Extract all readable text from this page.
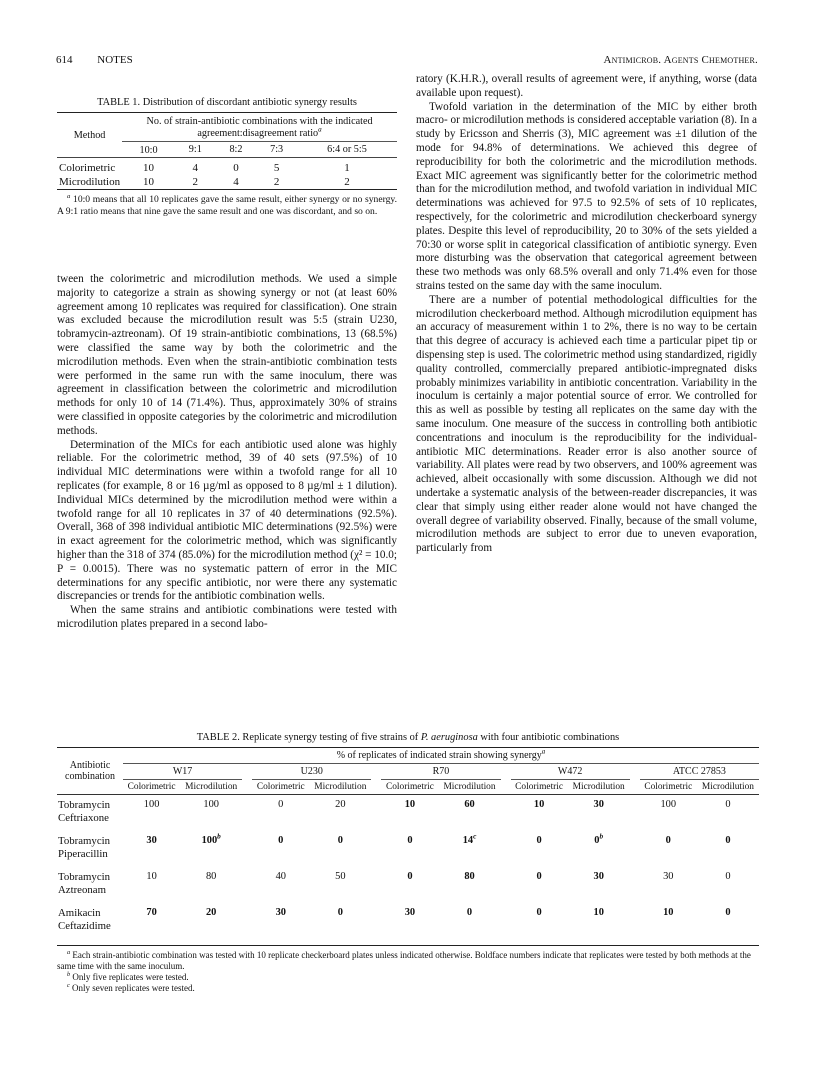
614 NOTES	Antimicrob. Agents Chemother.
TABLE 1. Distribution of discordant antibiotic synergy results
Method	No. of strain-antibiotic combinations with the indicated agreement:disagreement ratio$^a$
	10:0	9:1	8:2	7:3	6:4 or 5:5
Colorimetric	10	4	0	5	1
Microdilution	10	2	4	2	2
$^a$ 10:0 means that all 10 replicates gave the same result, either synergy or no synergy. A 9:1 ratio means that nine gave the same result and one was discordant, and so on.

tween the colorimetric and microdilution methods. We used a simple majority to categorize a strain as showing synergy or not (at least 60% agreement among 10 replicates was required for classification). One strain was excluded because the microdilution result was 5:5 (strain U230, tobramycin-aztreonam). Of 19 strain-antibiotic combinations, 13 (68.5%) were classified the same way by both the colorimetric and the microdilution methods. Even when the strain-antibiotic combination tests were performed in the same run with the same inoculum, there was agreement in classification between the colorimetric and microdilution methods for only 10 of 14 (71.4%). Thus, approximately 30% of strains were classified in opposite categories by the colorimetric and microdilution methods.

Determination of the MICs for each antibiotic used alone was highly reliable. For the colorimetric method, 39 of 40 sets (97.5%) of 10 individual MIC determinations were within a twofold range for all 10 replicates (for example, 8 or 16 µg/ml as opposed to 8 µg/ml ± 1 dilution). Individual MICs determined by the microdilution method were within a twofold range for all 10 replicates in 37 of 40 determinations (92.5%). Overall, 368 of 398 individual antibiotic MIC determinations (92.5%) were in exact agreement for the colorimetric method, which was significantly higher than the 318 of 374 (85.0%) for the microdilution method (χ² = 10.0; P = 0.0015). There was no systematic pattern of error in the MIC determinations for any specific antibiotic, nor were there any systematic discrepancies or trends for the antibiotic combination wells.

When the same strains and antibiotic combinations were tested with microdilution plates prepared in a second labo-

ratory (K.H.R.), overall results of agreement were, if anything, worse (data available upon request).

Twofold variation in the determination of the MIC by either broth macro- or microdilution methods is considered acceptable variation (8). In a study by Ericsson and Sherris (3), MIC agreement was ±1 dilution of the mode for 94.8% of determinations. We achieved this degree of reproducibility for both the colorimetric and the microdilution methods. Exact MIC agreement was significantly better for the colorimetric method than for the microdilution method, and twofold variation in individual MIC determinations was achieved for 97.5 to 92.5% of sets of 10 replicates, respectively, for the colorimetric and microdilution checkerboard synergy plates. Despite this level of reproducibility, 20 to 30% of the sets yielded a 70:30 or worse split in categorical classification of antibiotic synergy. Even more disturbing was the observation that categorical agreement between these two methods was only 68.5% overall and only 71.4% even for those strains tested on the same day with the same inoculum.

There are a number of potential methodological difficulties for the microdilution checkerboard method. Although microdilution equipment has an accuracy of measurement within 1 to 2%, there is no way to be certain that this degree of accuracy is achieved each time a particular pipet tip or dispensing step is used. The colorimetric method using standardized, rigidly quality controlled, commercially prepared antibiotic-impregnated disks probably minimizes variability in antibiotic concentration. Variability in the inoculum is certainly a major potential source of error. We controlled for this as well as possible by testing all replicates on the same day with the same inoculum. One measure of the success in controlling both antibiotic concentrations and inoculum is the reproducibility for the individual-antibiotic MIC determinations. Reader error is also another source of variability. All plates were read by two observers, and 100% agreement was achieved, albeit occasionally with some discussion. Although we did not undertake a systematic analysis of the between-reader discrepancies, it was clear that simply using either reader alone would not have changed the overall degree of variability observed. Finally, because of the small volume, microdilution methods are subject to error due to uneven evaporation, particularly from

TABLE 2. Replicate synergy testing of five strains of P. aeruginosa with four antibiotic combinations
Antibiotic combination	% of replicates of indicated strain showing synergy$^a$
	W17			U230			R70			W472			ATCC 27853	
	Colorimetric	Microdilution		Colorimetric	Microdilution		Colorimetric	Microdilution		Colorimetric	Microdilution		Colorimetric	Microdilution

Tobramycin
Ceftriaxone	100	100		0	20		10	60		10	30		100	0

Tobramycin
Piperacillin	30	100$^b$		0	0		0	14$^c$		0	0$^b$		0	0

Tobramycin
Aztreonam	10	80		40	50		0	80		0	30		30	0

Amikacin
Ceftazidime	70	20		30	0		30	0		0	10		10	0

$^a$ Each strain-antibiotic combination was tested with 10 replicate checkerboard plates unless indicated otherwise. Boldface numbers indicate that replicates were tested by both methods at the same time with the same inoculum.

$^b$ Only five replicates were tested.

$^c$ Only seven replicates were tested.
